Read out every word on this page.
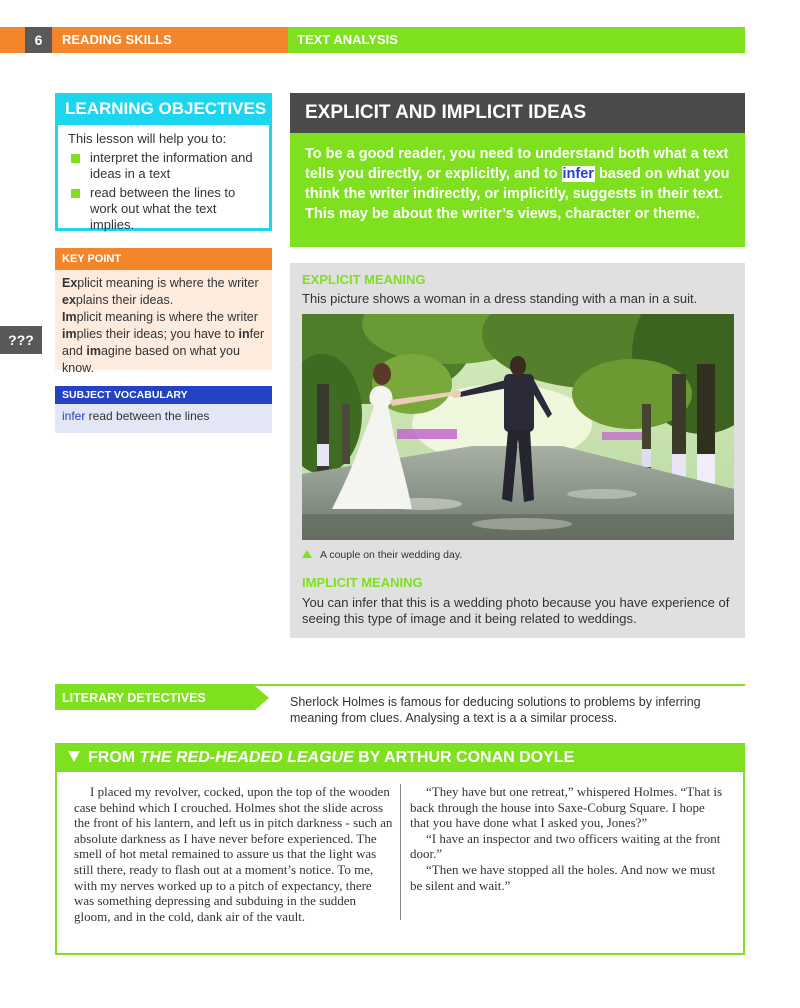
6	READING SKILLS	TEXT ANALYSIS
LEARNING OBJECTIVES
This lesson will help you to:
interpret the information and ideas in a text
read between the lines to work out what the text implies.
KEY POINT
Explicit meaning is where the writer explains their ideas.
Implicit meaning is where the writer implies their ideas; you have to infer and imagine based on what you know.
???
SUBJECT VOCABULARY
infer read between the lines
EXPLICIT AND IMPLICIT IDEAS
To be a good reader, you need to understand both what a text tells you directly, or explicitly, and to infer based on what you think the writer indirectly, or implicitly, suggests in their text. This may be about the writer’s views, character or theme.
EXPLICIT MEANING
This picture shows a woman in a dress standing with a man in a suit.
A couple on their wedding day.
IMPLICIT MEANING
You can infer that this is a wedding photo because you have experience of seeing this type of image and it being related to weddings.
LITERARY DETECTIVES	Sherlock Holmes is famous for deducing solutions to problems by inferring meaning from clues. Analysing a text is a a similar process.
FROM THE RED-HEADED LEAGUE BY ARTHUR CONAN DOYLE

I placed my revolver, cocked, upon the top of the wooden case behind which I crouched. Holmes shot the slide across the front of his lantern, and left us in pitch darkness - such an absolute darkness as I have never before experienced. The smell of hot metal remained to assure us that the light was still there, ready to flash out at a moment’s notice. To me, with my nerves worked up to a pitch of expectancy, there was something depressing and subduing in the sudden gloom, and in the cold, dank air of the vault.

“They have but one retreat,” whispered Holmes. “That is back through the house into Saxe-Coburg Square. I hope that you have done what I asked you, Jones?”

“I have an inspector and two officers waiting at the front door.”

“Then we have stopped all the holes. And now we must be silent and wait.”
